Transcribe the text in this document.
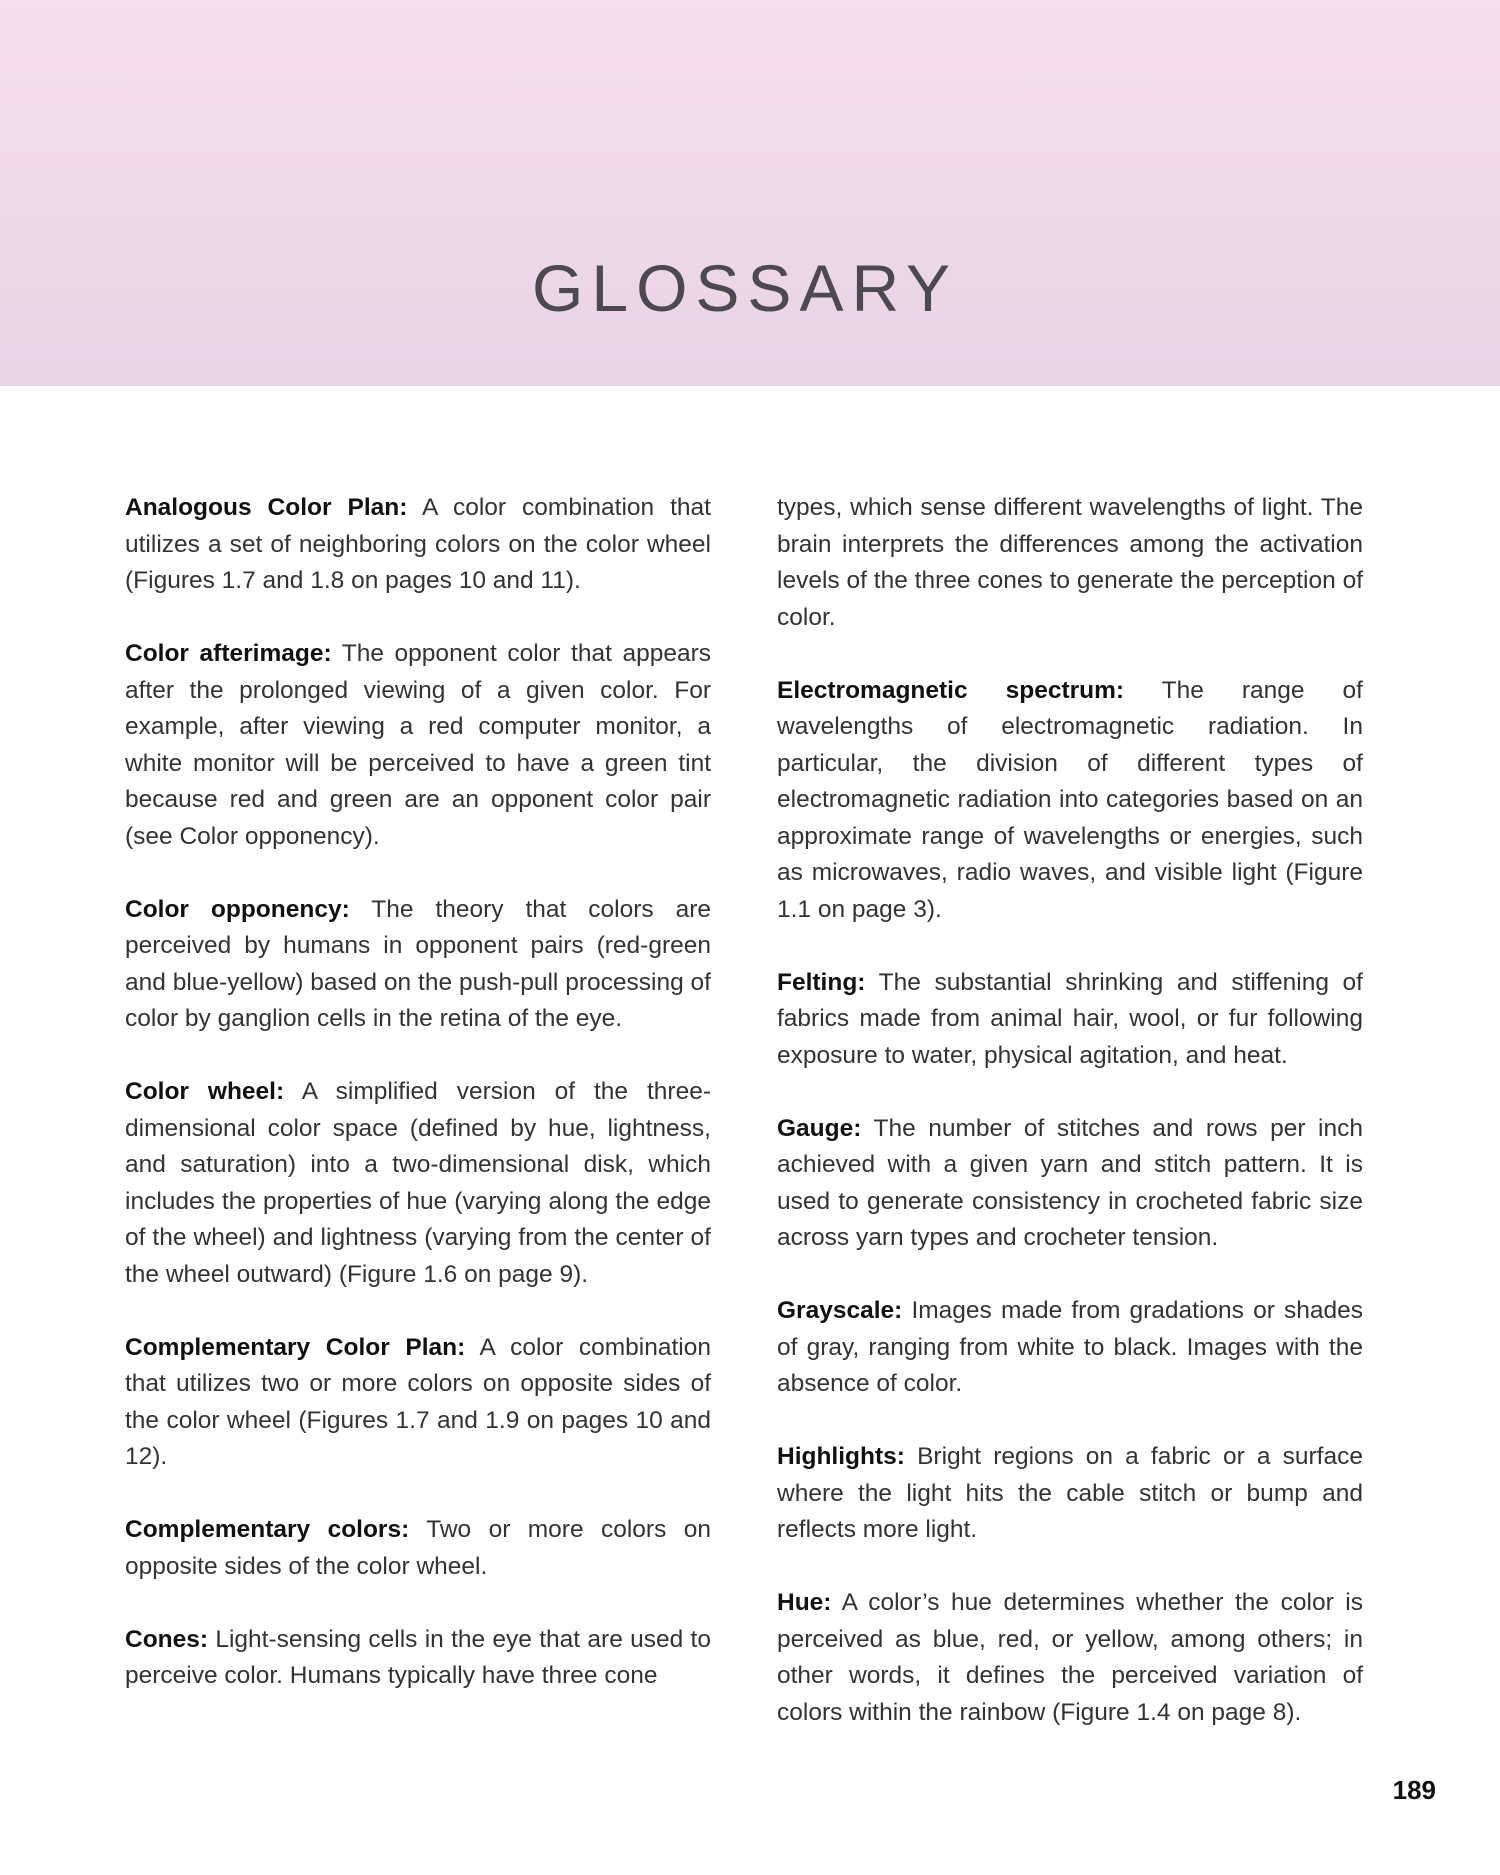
GLOSSARY

Analogous Color Plan: A color combination that utilizes a set of neighboring colors on the color wheel (Figures 1.7 and 1.8 on pages 10 and 11).

Color afterimage: The opponent color that appears after the prolonged viewing of a given color. For example, after viewing a red computer monitor, a white monitor will be perceived to have a green tint because red and green are an opponent color pair (see Color opponency).

Color opponency: The theory that colors are perceived by humans in opponent pairs (red-green and blue-yellow) based on the push-pull processing of color by ganglion cells in the retina of the eye.

Color wheel: A simplified version of the three-dimensional color space (defined by hue, lightness, and saturation) into a two-dimensional disk, which includes the properties of hue (varying along the edge of the wheel) and lightness (varying from the center of the wheel outward) (Figure 1.6 on page 9).

Complementary Color Plan: A color combination that utilizes two or more colors on opposite sides of the color wheel (Figures 1.7 and 1.9 on pages 10 and 12).

Complementary colors: Two or more colors on opposite sides of the color wheel.

Cones: Light-sensing cells in the eye that are used to perceive color. Humans typically have three cone

types, which sense different wavelengths of light. The brain interprets the differences among the activation levels of the three cones to generate the perception of color.

Electromagnetic spectrum: The range of wavelengths of electromagnetic radiation. In particular, the division of different types of electromagnetic radiation into categories based on an approximate range of wavelengths or energies, such as microwaves, radio waves, and visible light (Figure 1.1 on page 3).

Felting: The substantial shrinking and stiffening of fabrics made from animal hair, wool, or fur following exposure to water, physical agitation, and heat.

Gauge: The number of stitches and rows per inch achieved with a given yarn and stitch pattern. It is used to generate consistency in crocheted fabric size across yarn types and crocheter tension.

Grayscale: Images made from gradations or shades of gray, ranging from white to black. Images with the absence of color.

Highlights: Bright regions on a fabric or a surface where the light hits the cable stitch or bump and reflects more light.

Hue: A color’s hue determines whether the color is perceived as blue, red, or yellow, among others; in other words, it defines the perceived variation of colors within the rainbow (Figure 1.4 on page 8).

189
